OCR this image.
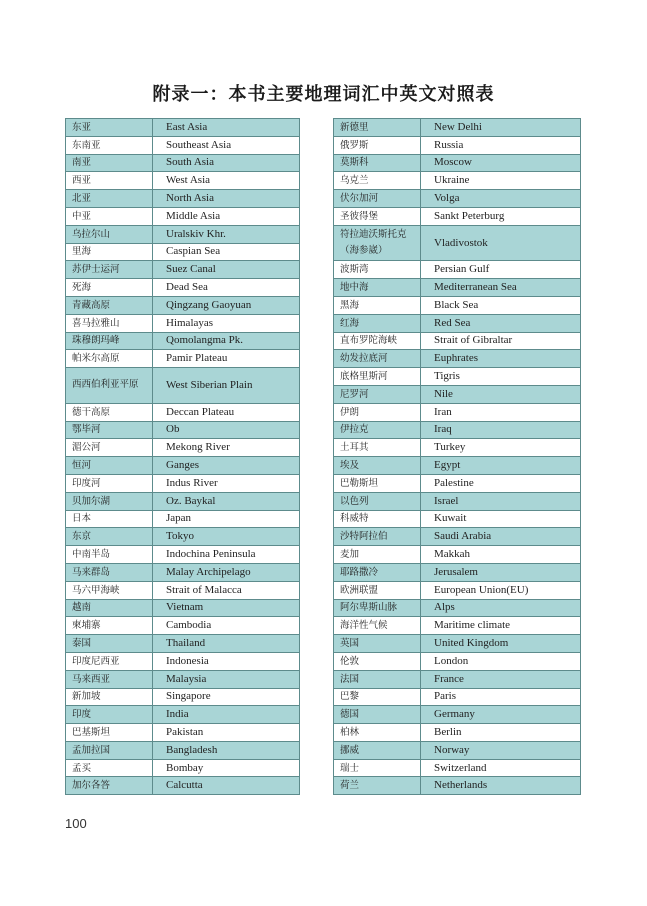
附录一：本书主要地理词汇中英文对照表
东亚	East Asia
东南亚	Southeast Asia
南亚	South Asia
西亚	West Asia
北亚	North Asia
中亚	Middle Asia
乌拉尔山	Uralskiv Khr.
里海	Caspian Sea
苏伊士运河	Suez Canal
死海	Dead Sea
青藏高原	Qingzang Gaoyuan
喜马拉雅山	Himalayas
珠穆朗玛峰	Qomolangma Pk.
帕米尔高原	Pamir Plateau
西西伯利亚平原	West Siberian Plain
德干高原	Deccan Plateau
鄂毕河	Ob
湄公河	Mekong River
恒河	Ganges
印度河	Indus River
贝加尔湖	Oz. Baykal
日本	Japan
东京	Tokyo
中南半岛	Indochina Peninsula
马来群岛	Malay Archipelago
马六甲海峡	Strait of Malacca
越南	Vietnam
柬埔寨	Cambodia
泰国	Thailand
印度尼西亚	Indonesia
马来西亚	Malaysia
新加坡	Singapore
印度	India
巴基斯坦	Pakistan
孟加拉国	Bangladesh
孟买	Bombay
加尔各答	Calcutta
新德里	New Delhi
俄罗斯	Russia
莫斯科	Moscow
乌克兰	Ukraine
伏尔加河	Volga
圣彼得堡	Sankt Peterburg
符拉迪沃斯托克（海参崴）	Vladivostok
波斯湾	Persian Gulf
地中海	Mediterranean Sea
黑海	Black Sea
红海	Red Sea
直布罗陀海峡	Strait of Gibraltar
幼发拉底河	Euphrates
底格里斯河	Tigris
尼罗河	Nile
伊朗	Iran
伊拉克	Iraq
土耳其	Turkey
埃及	Egypt
巴勒斯坦	Palestine
以色列	Israel
科威特	Kuwait
沙特阿拉伯	Saudi Arabia
麦加	Makkah
耶路撒冷	Jerusalem
欧洲联盟	European Union(EU)
阿尔卑斯山脉	Alps
海洋性气候	Maritime climate
英国	United Kingdom
伦敦	London
法国	France
巴黎	Paris
德国	Germany
柏林	Berlin
挪威	Norway
瑞士	Switzerland
荷兰	Netherlands
100
